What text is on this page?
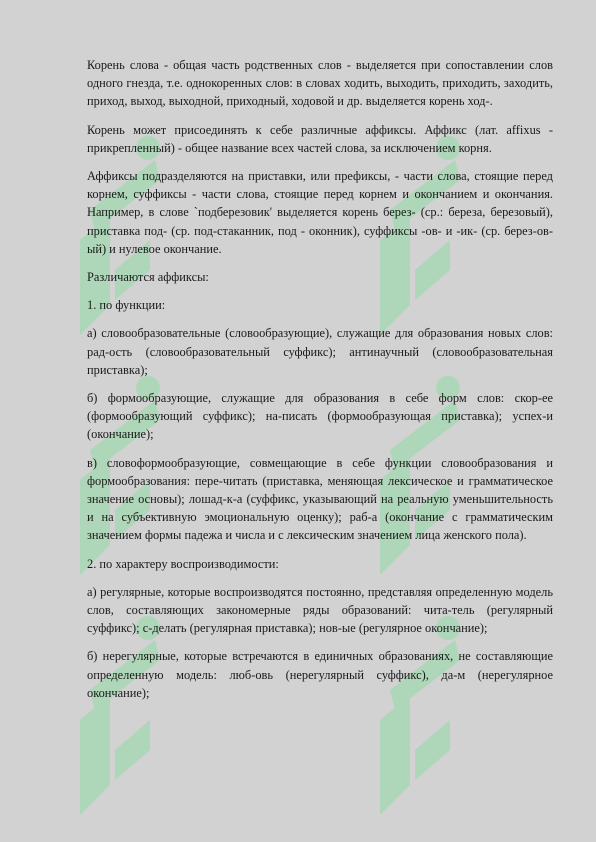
Корень слова - общая часть родственных слов - выделяется при сопоставлении слов одного гнезда, т.е. однокоренных слов: в словах ходить, выходить, приходить, заходить, приход, выход, выходной, приходный, ходовой и др. выделяется корень ход-.

Корень может присоединять к себе различные аффиксы. Аффикс (лат. affixus - прикрепленный) - общее название всех частей слова, за исключением корня.

Аффиксы подразделяются на приставки, или префиксы, - части слова, стоящие перед корнем, суффиксы - части слова, стоящие перед корнем и окончанием и окончания. Например, в слове `подберезовик' выделяется корень берез- (ср.: береза, березовый), приставка под- (ср. под-стаканник, под - оконник), суффиксы -ов- и -ик- (ср. берез-ов-ый) и нулевое окончание.

Различаются аффиксы:

1. по функции:

а) словообразовательные (словообразующие), служащие для образования новых слов: рад-ость (словообразовательный суффикс); антинаучный (словообразовательная приставка);

б) формообразующие, служащие для образования в себе форм слов: скор-ее (формообразующий суффикс); на-писать (формообразующая приставка); успех-и (окончание);

в) словоформообразующие, совмещающие в себе функции словообразования и формообразования: пере-читать (приставка, меняющая лексическое и грамматическое значение основы); лошад-к-а (суффикс, указывающий на реальную уменьшительность и на субъективную эмоциональную оценку); раб-а (окончание с грамматическим значением формы падежа и числа и с лексическим значением лица женского пола).

2. по характеру воспроизводимости:

а) регулярные, которые воспроизводятся постоянно, представляя определенную модель слов, составляющих закономерные ряды образований: чита-тель (регулярный суффикс); с-делать (регулярная приставка); нов-ые (регулярное окончание);

б) нерегулярные, которые встречаются в единичных образованиях, не составляющие определенную модель: люб-овь (нерегулярный суффикс), да-м (нерегулярное окончание);
